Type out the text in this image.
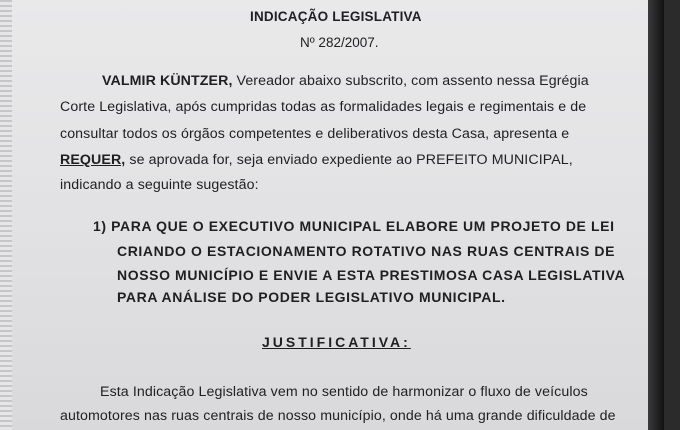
INDICAÇÃO LEGISLATIVA
Nº 282/2007.
VALMIR KÜNTZER, Vereador abaixo subscrito, com assento nessa Egrégia
Corte Legislativa, após cumpridas todas as formalidades legais e regimentais e de
consultar todos os órgãos competentes e deliberativos desta Casa, apresenta e
REQUER, se aprovada for, seja enviado expediente ao PREFEITO MUNICIPAL,
indicando a seguinte sugestão:
1) PARA QUE O EXECUTIVO MUNICIPAL ELABORE UM PROJETO DE LEI
CRIANDO O ESTACIONAMENTO ROTATIVO NAS RUAS CENTRAIS DE
NOSSO MUNICÍPIO E ENVIE A ESTA PRESTIMOSA CASA LEGISLATIVA
PARA ANÁLISE DO PODER LEGISLATIVO MUNICIPAL.
JUSTIFICATIVA:
Esta Indicação Legislativa vem no sentido de harmonizar o fluxo de veículos
automotores nas ruas centrais de nosso município, onde há uma grande dificuldade de
